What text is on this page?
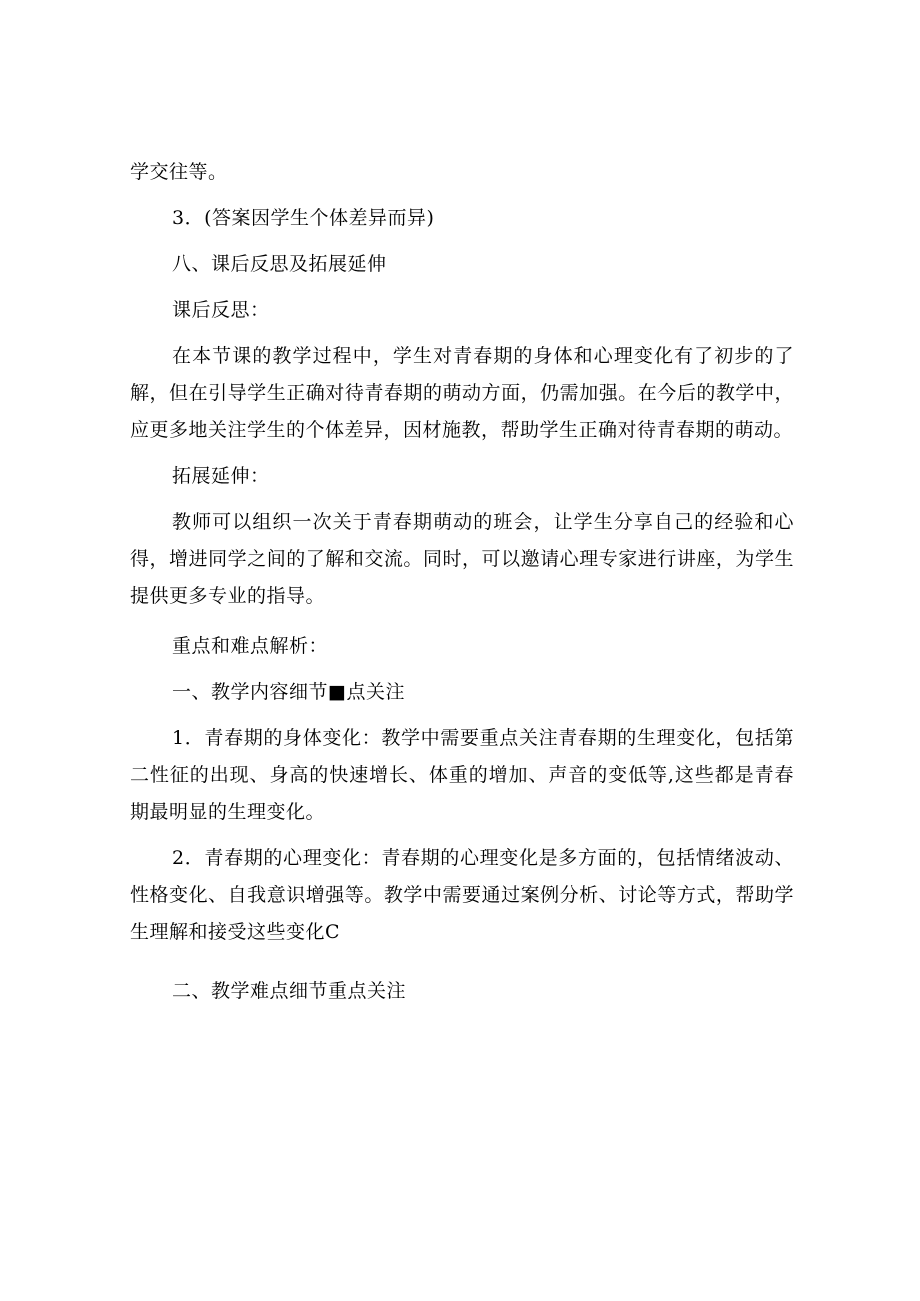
学交往等。

3．(答案因学生个体差异而异)

八、课后反思及拓展延伸

课后反思：

在本节课的教学过程中，学生对青春期的身体和心理变化有了初步的了解，但在引导学生正确对待青春期的萌动方面，仍需加强。在今后的教学中，应更多地关注学生的个体差异，因材施教，帮助学生正确对待青春期的萌动。

拓展延伸：

教师可以组织一次关于青春期萌动的班会，让学生分享自己的经验和心得，增进同学之间的了解和交流。同时，可以邀请心理专家进行讲座，为学生提供更多专业的指导。

重点和难点解析：

一、教学内容细节■点关注

1．青春期的身体变化：教学中需要重点关注青春期的生理变化，包括第二性征的出现、身高的快速增长、体重的增加、声音的变低等,这些都是青春期最明显的生理变化。

2．青春期的心理变化：青春期的心理变化是多方面的，包括情绪波动、性格变化、自我意识增强等。教学中需要通过案例分析、讨论等方式，帮助学生理解和接受这些变化C

二、教学难点细节重点关注
